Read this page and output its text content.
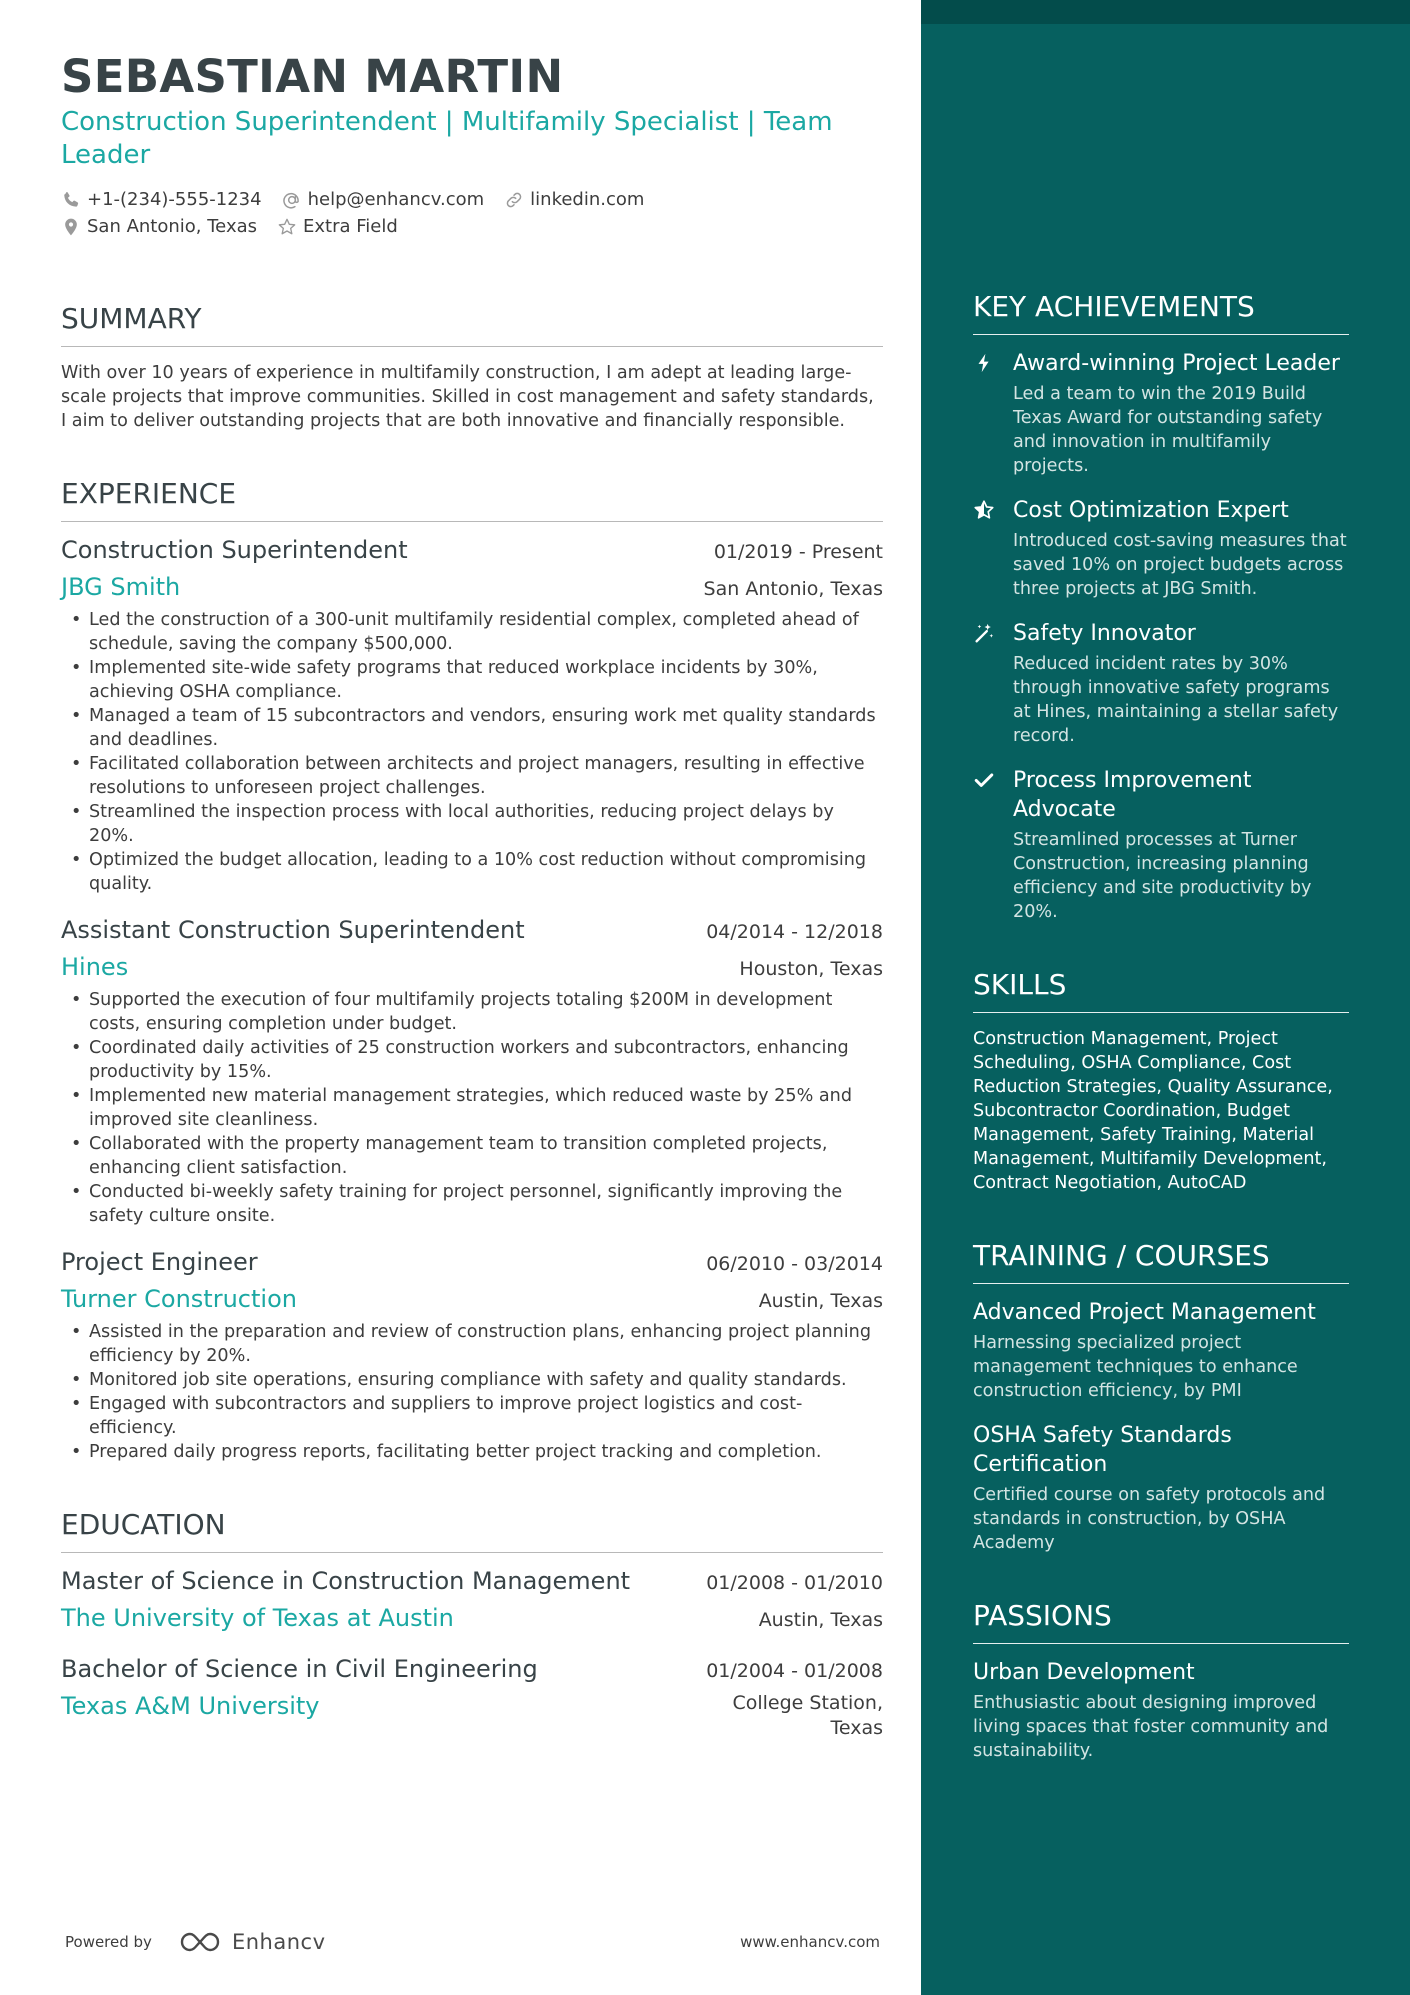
SEBASTIAN MARTIN
Construction Superintendent | Multifamily Specialist | Team Leader
+1-(234)-555-1234	help@enhancv.com	linkedin.com
San Antonio, Texas	Extra Field
SUMMARY
With over 10 years of experience in multifamily construction, I am adept at leading large-scale projects that improve communities. Skilled in cost management and safety standards, I aim to deliver outstanding projects that are both innovative and financially responsible.
EXPERIENCE
Construction Superintendent	01/2019 - Present
JBG Smith	San Antonio, Texas
• Led the construction of a 300-unit multifamily residential complex, completed ahead of schedule, saving the company $500,000.
• Implemented site-wide safety programs that reduced workplace incidents by 30%, achieving OSHA compliance.
• Managed a team of 15 subcontractors and vendors, ensuring work met quality standards and deadlines.
• Facilitated collaboration between architects and project managers, resulting in effective resolutions to unforeseen project challenges.
• Streamlined the inspection process with local authorities, reducing project delays by 20%.
• Optimized the budget allocation, leading to a 10% cost reduction without compromising quality.
Assistant Construction Superintendent	04/2014 - 12/2018
Hines	Houston, Texas
• Supported the execution of four multifamily projects totaling $200M in development costs, ensuring completion under budget.
• Coordinated daily activities of 25 construction workers and subcontractors, enhancing productivity by 15%.
• Implemented new material management strategies, which reduced waste by 25% and improved site cleanliness.
• Collaborated with the property management team to transition completed projects, enhancing client satisfaction.
• Conducted bi-weekly safety training for project personnel, significantly improving the safety culture onsite.
Project Engineer	06/2010 - 03/2014
Turner Construction	Austin, Texas
• Assisted in the preparation and review of construction plans, enhancing project planning efficiency by 20%.
• Monitored job site operations, ensuring compliance with safety and quality standards.
• Engaged with subcontractors and suppliers to improve project logistics and cost-efficiency.
• Prepared daily progress reports, facilitating better project tracking and completion.
EDUCATION
Master of Science in Construction Management	01/2008 - 01/2010
The University of Texas at Austin	Austin, Texas
Bachelor of Science in Civil Engineering	01/2004 - 01/2008
Texas A&M University	College Station, Texas
Powered by	Enhancv	www.enhancv.com
KEY ACHIEVEMENTS
Award-winning Project Leader
Led a team to win the 2019 Build Texas Award for outstanding safety and innovation in multifamily projects.
Cost Optimization Expert
Introduced cost-saving measures that saved 10% on project budgets across three projects at JBG Smith.
Safety Innovator
Reduced incident rates by 30% through innovative safety programs at Hines, maintaining a stellar safety record.
Process Improvement Advocate
Streamlined processes at Turner Construction, increasing planning efficiency and site productivity by 20%.
SKILLS
Construction Management, Project Scheduling, OSHA Compliance, Cost Reduction Strategies, Quality Assurance, Subcontractor Coordination, Budget Management, Safety Training, Material Management, Multifamily Development, Contract Negotiation, AutoCAD
TRAINING / COURSES
Advanced Project Management
Harnessing specialized project management techniques to enhance construction efficiency, by PMI
OSHA Safety Standards Certification
Certified course on safety protocols and standards in construction, by OSHA Academy
PASSIONS
Urban Development
Enthusiastic about designing improved living spaces that foster community and sustainability.
